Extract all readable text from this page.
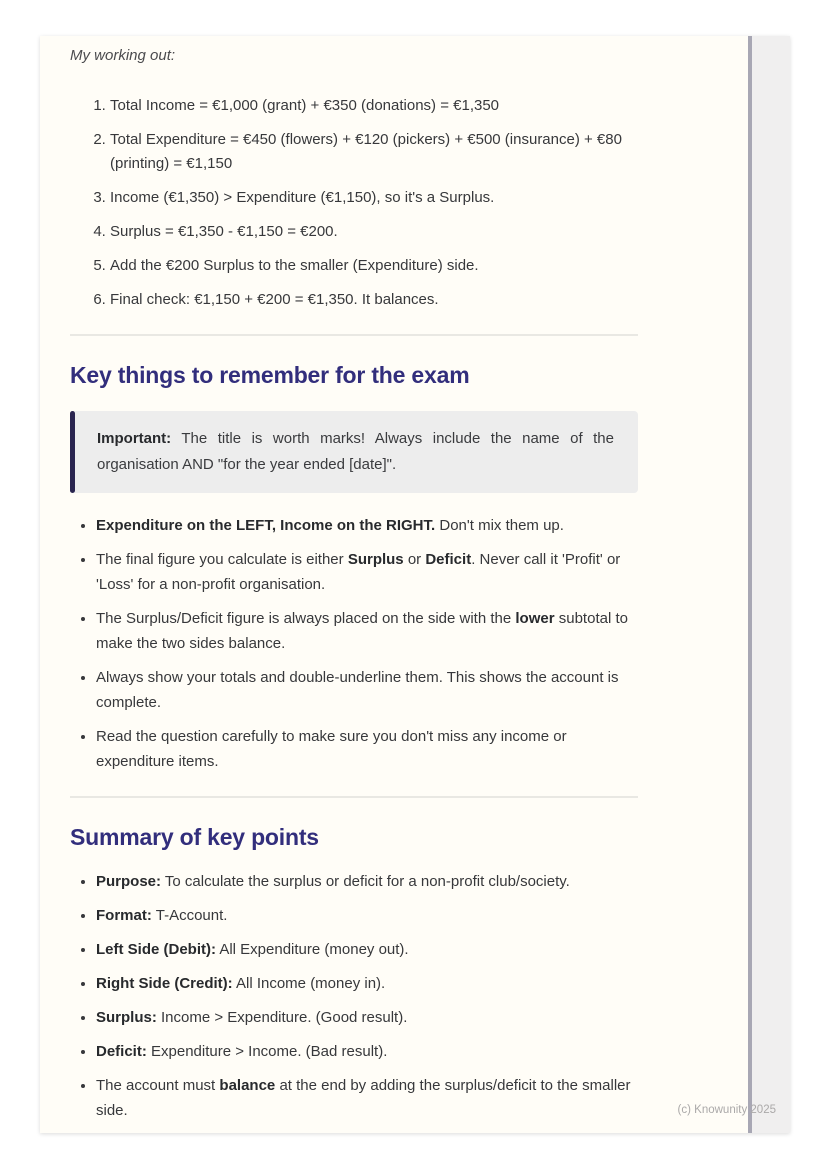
My working out:

1. Total Income = €1,000 (grant) + €350 (donations) = €1,350
2. Total Expenditure = €450 (flowers) + €120 (pickers) + €500 (insurance) + €80 (printing) = €1,150
3. Income (€1,350) > Expenditure (€1,150), so it's a Surplus.
4. Surplus = €1,350 - €1,150 = €200.
5. Add the €200 Surplus to the smaller (Expenditure) side.
6. Final check: €1,150 + €200 = €1,350. It balances.
Key things to remember for the exam

Important: The title is worth marks! Always include the name of the organisation AND "for the year ended [date]".

• Expenditure on the LEFT, Income on the RIGHT. Don't mix them up.
• The final figure you calculate is either Surplus or Deficit. Never call it 'Profit' or 'Loss' for a non-profit organisation.
• The Surplus/Deficit figure is always placed on the side with the lower subtotal to make the two sides balance.
• Always show your totals and double-underline them. This shows the account is complete.
• Read the question carefully to make sure you don't miss any income or expenditure items.
Summary of key points
• Purpose: To calculate the surplus or deficit for a non-profit club/society.
• Format: T-Account.
• Left Side (Debit): All Expenditure (money out).
• Right Side (Credit): All Income (money in).
• Surplus: Income > Expenditure. (Good result).
• Deficit: Expenditure > Income. (Bad result).
• The account must balance at the end by adding the surplus/deficit to the smaller side.	(c) Knowunity 2025
